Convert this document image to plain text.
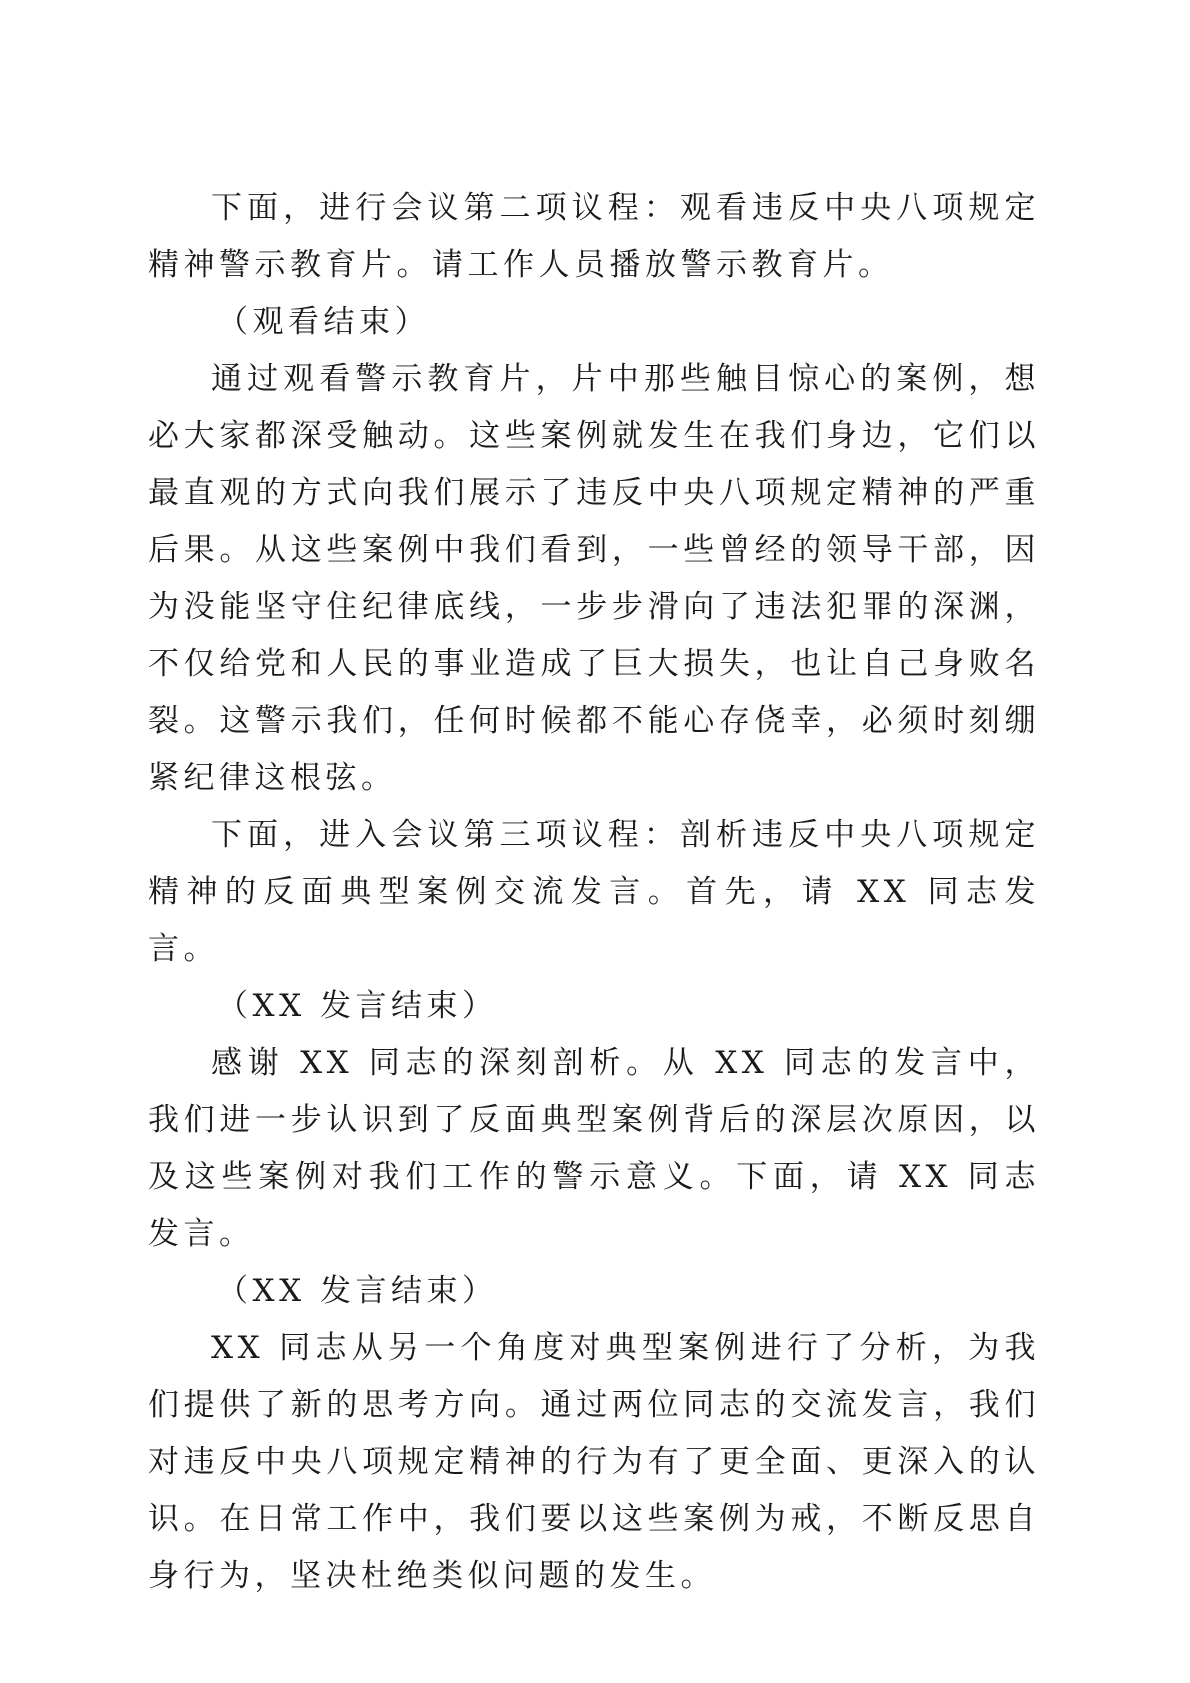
下面，进行会议第二项议程：观看违反中央八项规定精神警示教育片。请工作人员播放警示教育片。

（观看结束）

通过观看警示教育片，片中那些触目惊心的案例，想必大家都深受触动。这些案例就发生在我们身边，它们以最直观的方式向我们展示了违反中央八项规定精神的严重后果。从这些案例中我们看到，一些曾经的领导干部，因为没能坚守住纪律底线，一步步滑向了违法犯罪的深渊，不仅给党和人民的事业造成了巨大损失，也让自己身败名裂。这警示我们，任何时候都不能心存侥幸，必须时刻绷紧纪律这根弦。

下面，进入会议第三项议程：剖析违反中央八项规定精神的反面典型案例交流发言。首先，请 XX 同志发言。

（XX 发言结束）

感谢 XX 同志的深刻剖析。从 XX 同志的发言中，我们进一步认识到了反面典型案例背后的深层次原因，以及这些案例对我们工作的警示意义。下面，请 XX 同志发言。

（XX 发言结束）

XX 同志从另一个角度对典型案例进行了分析，为我们提供了新的思考方向。通过两位同志的交流发言，我们对违反中央八项规定精神的行为有了更全面、更深入的认识。在日常工作中，我们要以这些案例为戒，不断反思自身行为，坚决杜绝类似问题的发生。
